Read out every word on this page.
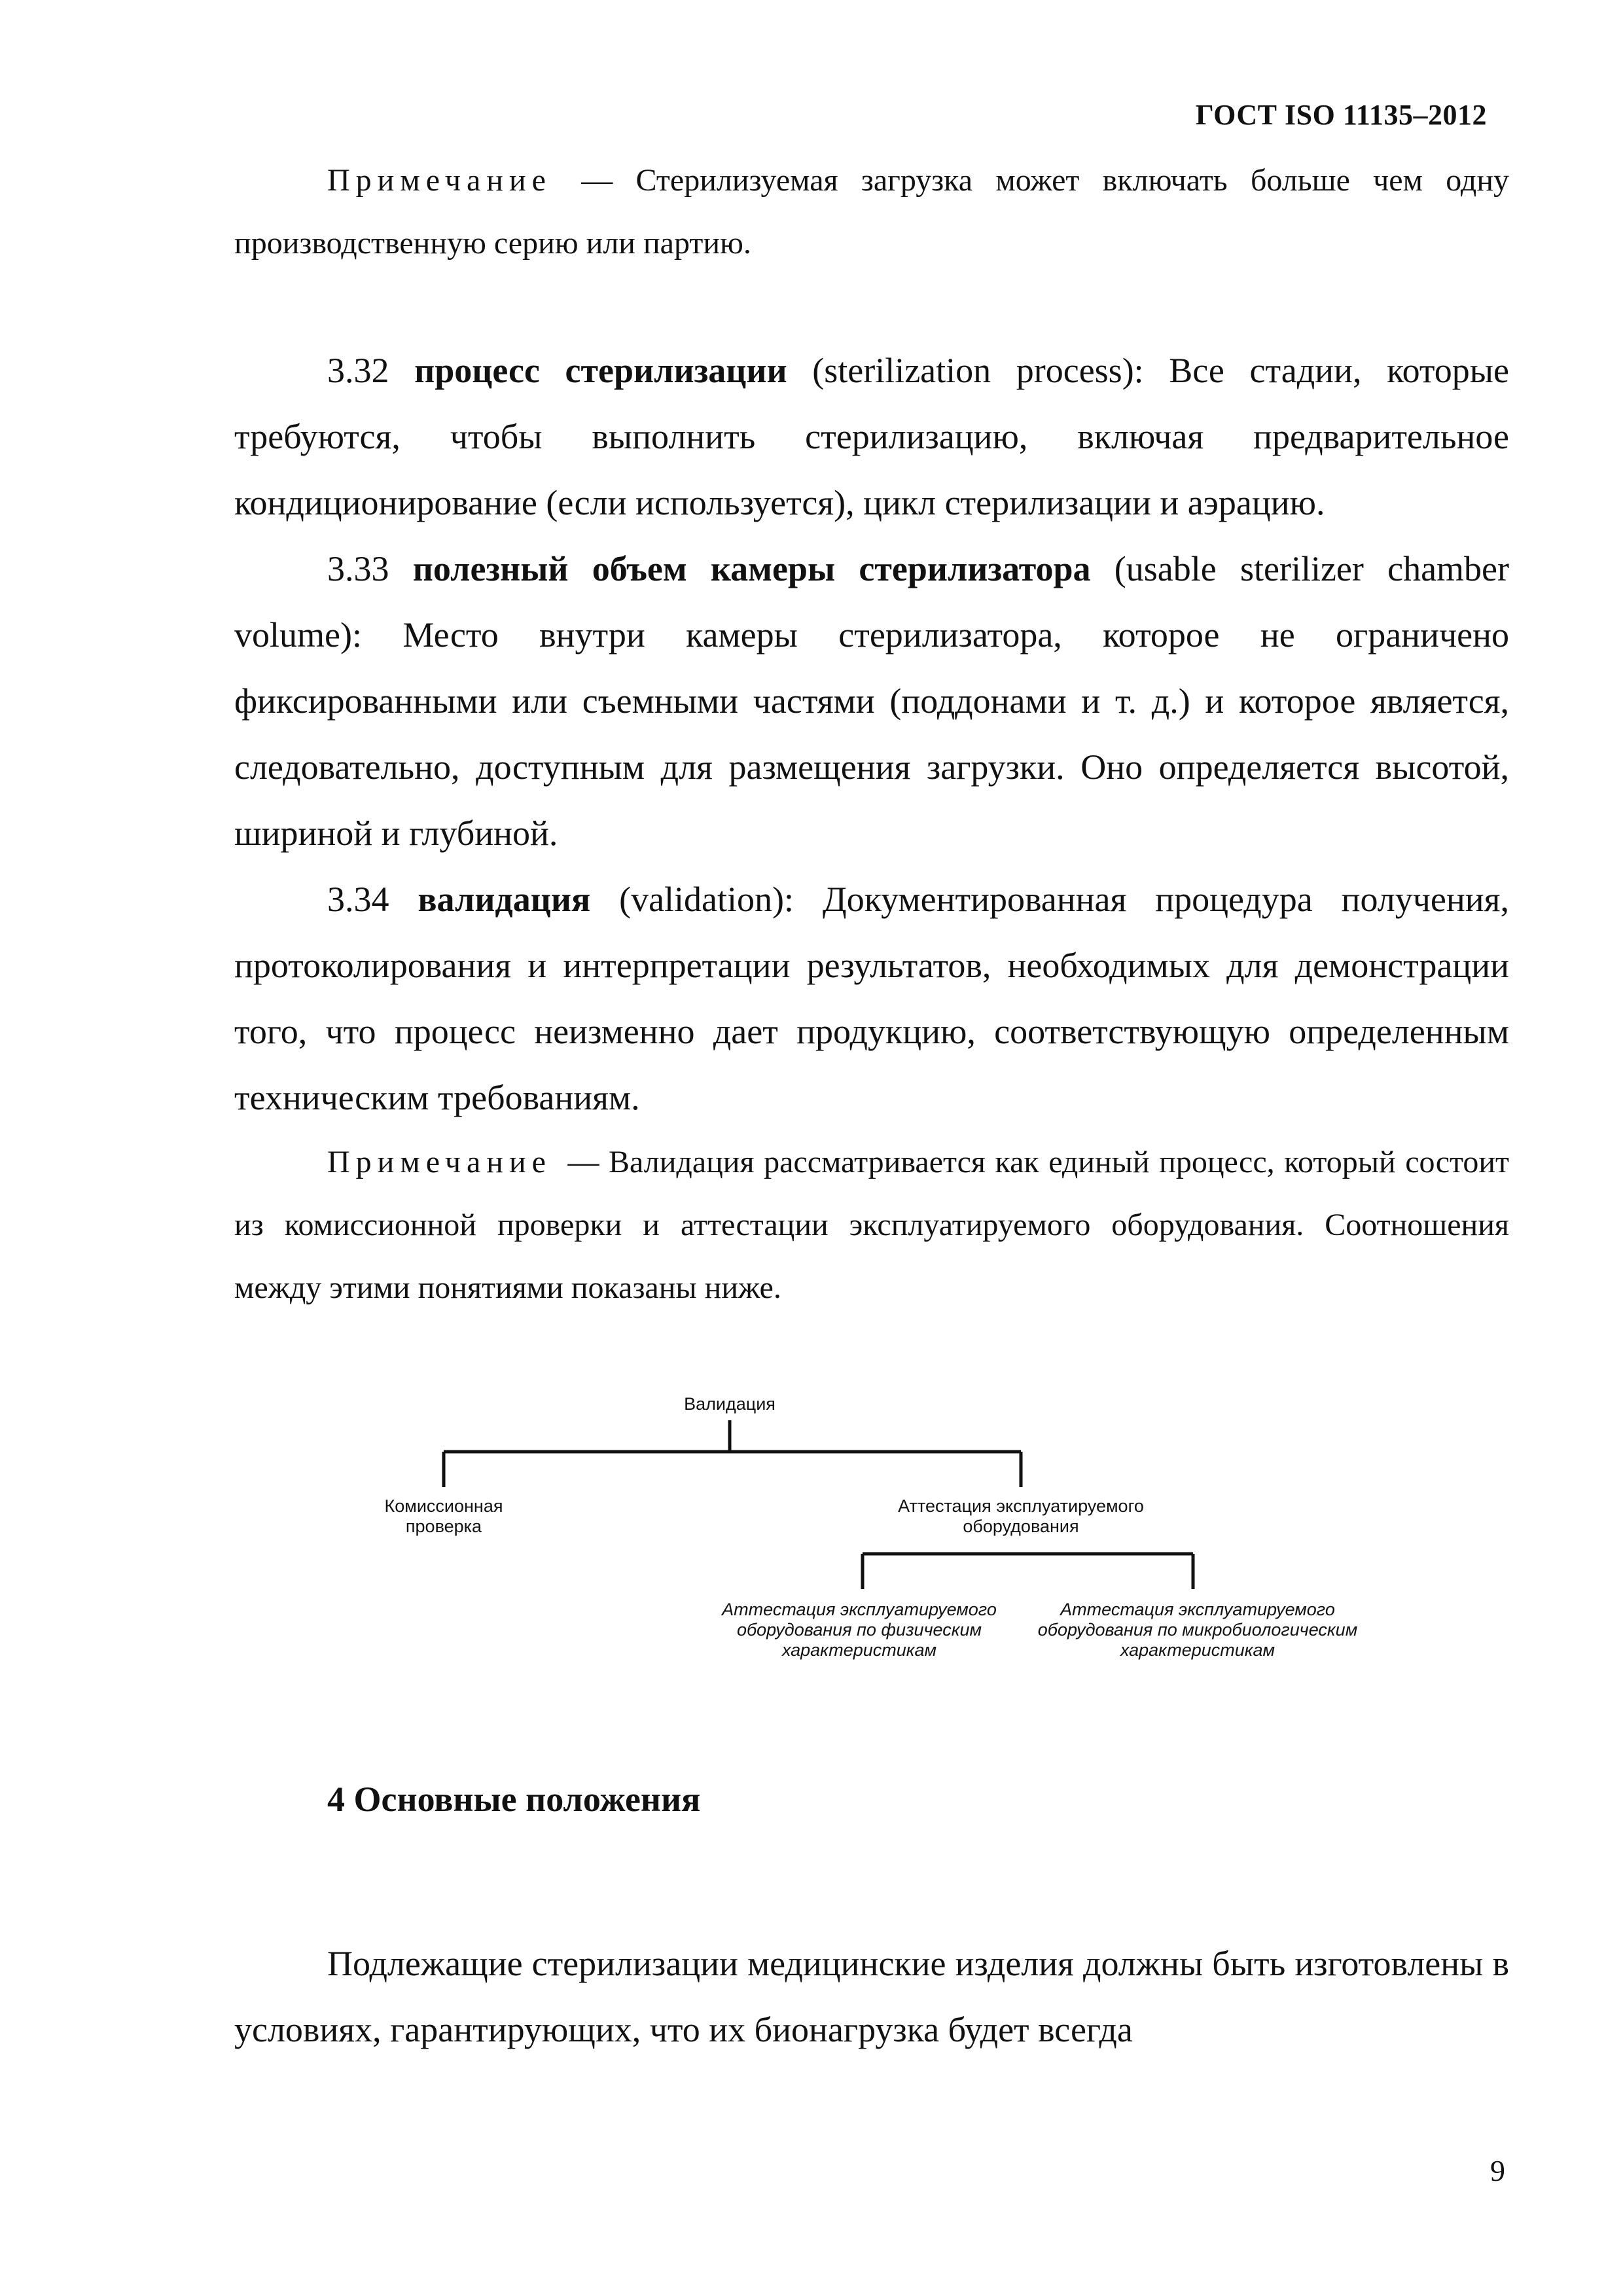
ГОСТ ISO 11135–2012

Примечание — Стерилизуемая загрузка может включать больше чем одну производственную серию или партию.

3.32 процесс стерилизации (sterilization process): Все стадии, которые требуются, чтобы выполнить стерилизацию, включая предварительное кондиционирование (если используется), цикл стерилизации и аэрацию.

3.33 полезный объем камеры стерилизатора (usable sterilizer chamber volume): Место внутри камеры стерилизатора, которое не ограничено фиксированными или съемными частями (поддонами и т. д.) и которое является, следовательно, доступным для размещения загрузки. Оно определяется высотой, шириной и глубиной.

3.34 валидация (validation): Документированная процедура получения, протоколирования и интерпретации результатов, необходимых для демонстрации того, что процесс неизменно дает продукцию, соответствующую определенным техническим требованиям.

Примечание — Валидация рассматривается как единый процесс, который состоит из комиссионной проверки и аттестации эксплуатируемого оборудования. Соотношения между этими понятиями показаны ниже.

Валидация
Комиссионная
проверка
Аттестация эксплуатируемого
оборудования
Аттестация эксплуатируемого
оборудования по физическим
характеристикам
Аттестация эксплуатируемого
оборудования по микробиологическим
характеристикам
4 Основные положения

Подлежащие стерилизации медицинские изделия должны быть изготовлены в условиях, гарантирующих, что их бионагрузка будет всегда

9
